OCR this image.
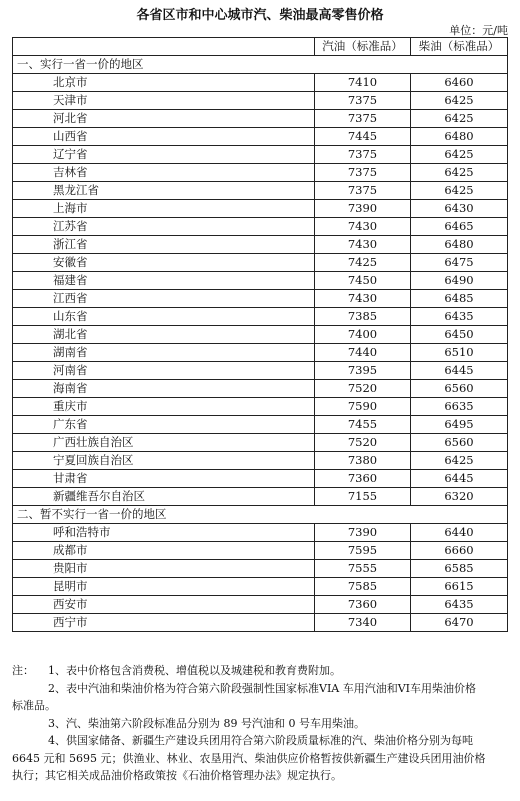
各省区市和中心城市汽、柴油最高零售价格
单位：元/吨
	汽油（标准品）	柴油（标准品）
一、实行一省一价的地区		
北京市	7410	6460
天津市	7375	6425
河北省	7375	6425
山西省	7445	6480
辽宁省	7375	6425
吉林省	7375	6425
黑龙江省	7375	6425
上海市	7390	6430
江苏省	7430	6465
浙江省	7430	6480
安徽省	7425	6475
福建省	7450	6490
江西省	7430	6485
山东省	7385	6435
湖北省	7400	6450
湖南省	7440	6510
河南省	7395	6445
海南省	7520	6560
重庆市	7590	6635
广东省	7455	6495
广西壮族自治区	7520	6560
宁夏回族自治区	7380	6425
甘肃省	7360	6445
新疆维吾尔自治区	7155	6320
二、暂不实行一省一价的地区		
呼和浩特市	7390	6440
成都市	7595	6660
贵阳市	7555	6585
昆明市	7585	6615
西安市	7360	6435
西宁市	7340	6470
注： 1、表中价格包含消费税、增值税以及城建税和教育费附加。
2、表中汽油和柴油价格为符合第六阶段强制性国家标准VIA 车用汽油和VI车用柴油价格
标准品。
3、汽、柴油第六阶段标准品分别为 89 号汽油和 0 号车用柴油。
4、供国家储备、新疆生产建设兵团用符合第六阶段质量标准的汽、柴油价格分别为每吨
6645 元和 5695 元；供渔业、林业、农垦用汽、柴油供应价格暂按供新疆生产建设兵团用油价格
执行；其它相关成品油价格政策按《石油价格管理办法》规定执行。
